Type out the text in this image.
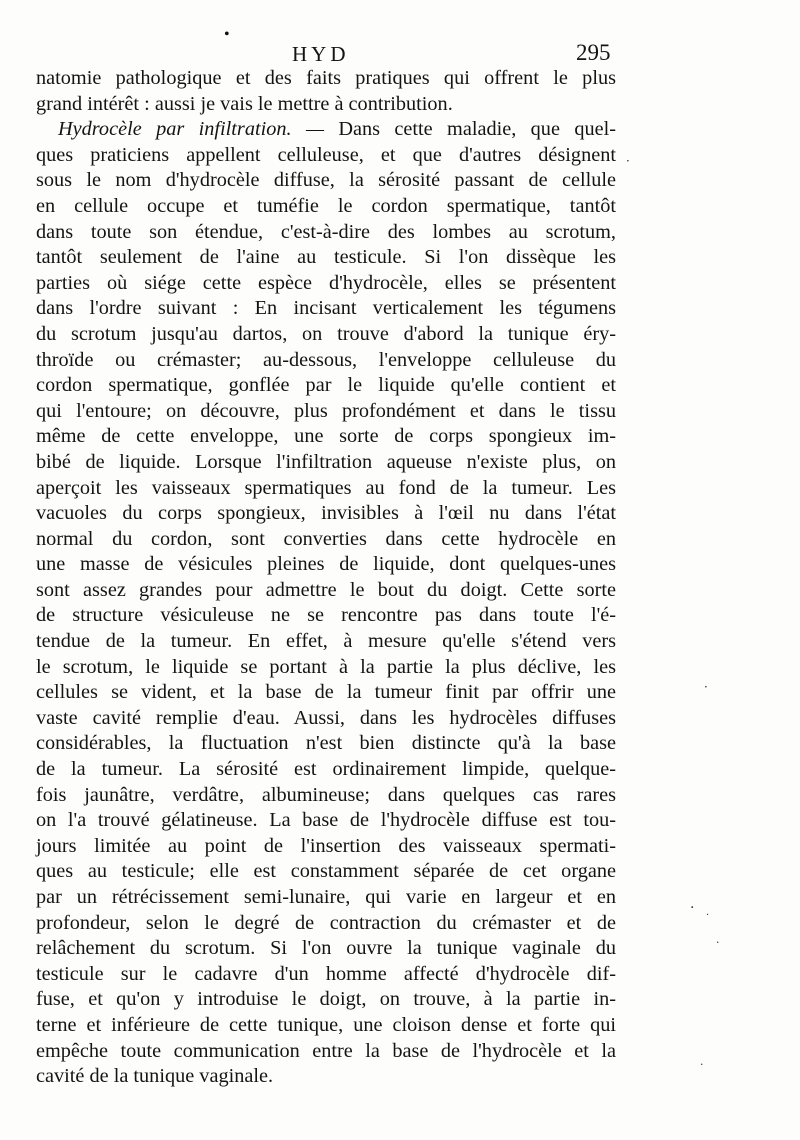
•
HYD	295
natomie pathologique et des faits pratiques qui offrent le plus
grand intérêt : aussi je vais le mettre à contribution.
Hydrocèle par infiltration. — Dans cette maladie, que quel-
ques praticiens appellent celluleuse, et que d'autres désignent
sous le nom d'hydrocèle diffuse, la sérosité passant de cellule
en cellule occupe et tuméfie le cordon spermatique, tantôt
dans toute son étendue, c'est-à-dire des lombes au scrotum,
tantôt seulement de l'aine au testicule. Si l'on dissèque les
parties où siége cette espèce d'hydrocèle, elles se présentent
dans l'ordre suivant : En incisant verticalement les tégumens
du scrotum jusqu'au dartos, on trouve d'abord la tunique éry-
throïde ou crémaster; au-dessous, l'enveloppe celluleuse du
cordon spermatique, gonflée par le liquide qu'elle contient et
qui l'entoure; on découvre, plus profondément et dans le tissu
même de cette enveloppe, une sorte de corps spongieux im-
bibé de liquide. Lorsque l'infiltration aqueuse n'existe plus, on
aperçoit les vaisseaux spermatiques au fond de la tumeur. Les
vacuoles du corps spongieux, invisibles à l'œil nu dans l'état
normal du cordon, sont converties dans cette hydrocèle en
une masse de vésicules pleines de liquide, dont quelques-unes
sont assez grandes pour admettre le bout du doigt. Cette sorte
de structure vésiculeuse ne se rencontre pas dans toute l'é-
tendue de la tumeur. En effet, à mesure qu'elle s'étend vers
le scrotum, le liquide se portant à la partie la plus déclive, les
cellules se vident, et la base de la tumeur finit par offrir une
vaste cavité remplie d'eau. Aussi, dans les hydrocèles diffuses
considérables, la fluctuation n'est bien distincte qu'à la base
de la tumeur. La sérosité est ordinairement limpide, quelque-
fois jaunâtre, verdâtre, albumineuse; dans quelques cas rares
on l'a trouvé gélatineuse. La base de l'hydrocèle diffuse est tou-
jours limitée au point de l'insertion des vaisseaux spermati-
ques au testicule; elle est constamment séparée de cet organe
par un rétrécissement semi-lunaire, qui varie en largeur et en
profondeur, selon le degré de contraction du crémaster et de
relâchement du scrotum. Si l'on ouvre la tunique vaginale du
testicule sur le cadavre d'un homme affecté d'hydrocèle dif-
fuse, et qu'on y introduise le doigt, on trouve, à la partie in-
terne et inférieure de cette tunique, une cloison dense et forte qui
empêche toute communication entre la base de l'hydrocèle et la
cavité de la tunique vaginale.
·
·
· ·
·
·
